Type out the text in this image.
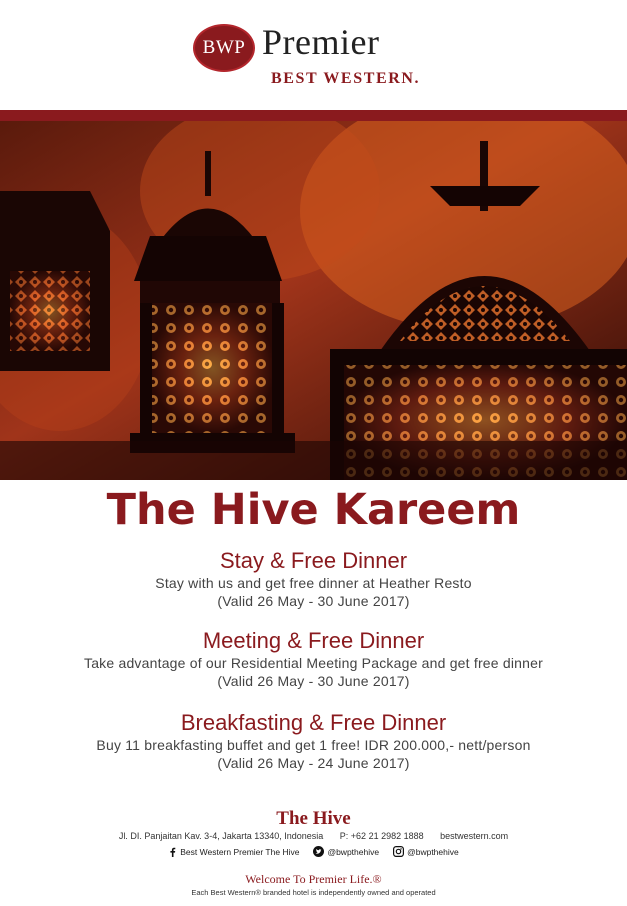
BWP Premier
BEST WESTERN.
The Hive Kareem
Stay & Free Dinner

Stay with us and get free dinner at Heather Resto

(Valid 26 May - 30 June 2017)

Meeting & Free Dinner

Take advantage of our Residential Meeting Package and get free dinner

(Valid 26 May - 30 June 2017)

Breakfasting & Free Dinner

Buy 11 breakfasting buffet and get 1 free! IDR 200.000,- nett/person

(Valid 26 May - 24 June 2017)

The Hive
Jl. DI. Panjaitan Kav. 3-4, Jakarta 13340, Indonesia P: +62 21 2982 1888 bestwestern.com
Best Western Premier The Hive	@bwpthehive	@bwpthehive
Welcome To Premier Life.®
Each Best Western® branded hotel is independently owned and operated
